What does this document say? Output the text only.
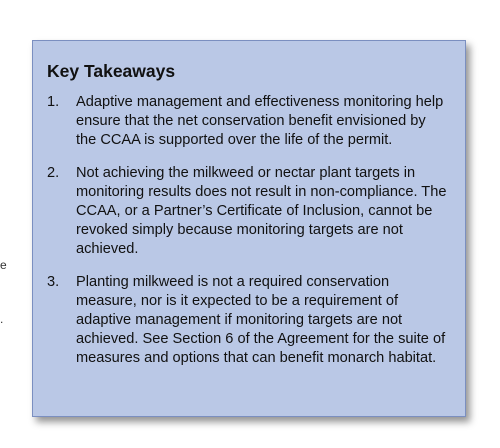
e
.
Key Takeaways
1.	Adaptive management and effectiveness monitoring help ensure that the net conservation benefit envisioned by the CCAA is supported over the life of the permit.
2.	Not achieving the milkweed or nectar plant targets in monitoring results does not result in non-compliance. The CCAA, or a Partner’s Certificate of Inclusion, cannot be revoked simply because monitoring targets are not achieved.
3.	Planting milkweed is not a required conservation measure, nor is it expected to be a requirement of adaptive management if monitoring targets are not achieved. See Section 6 of the Agreement for the suite of measures and options that can benefit monarch habitat.
